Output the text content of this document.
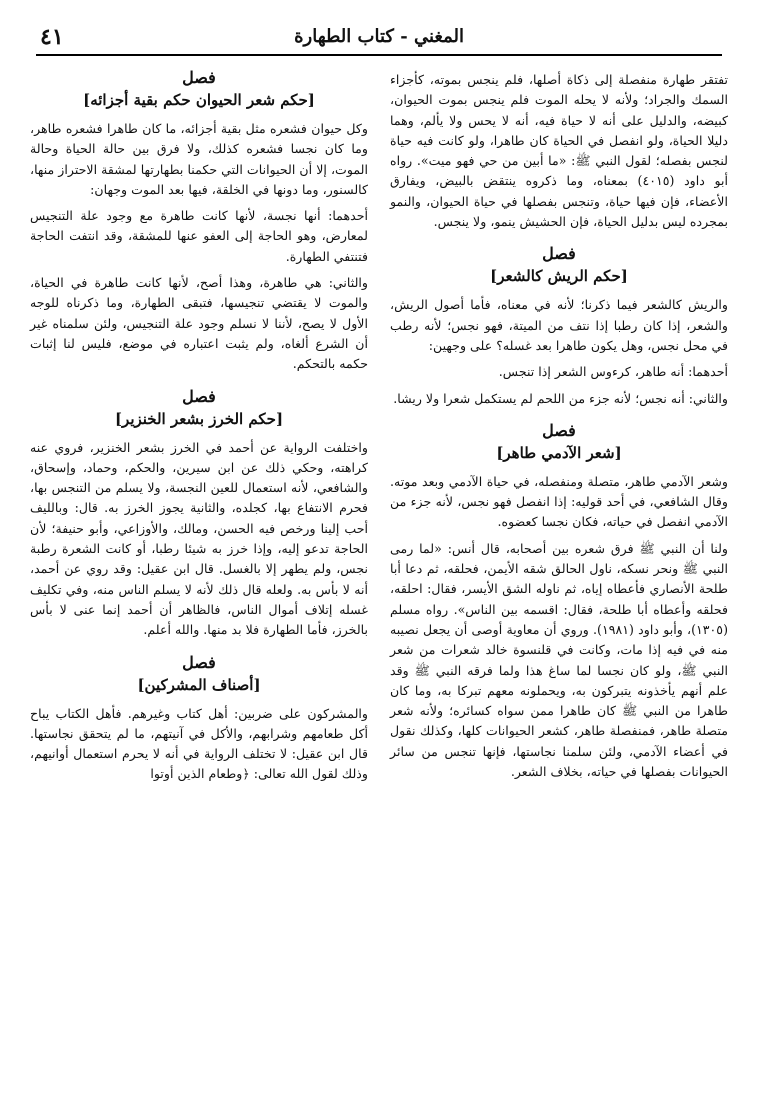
المغني - كتاب الطهارة
٤١

تفتقر طهارة منفصلة إلى ذكاة أصلها، فلم ينجس بموته، كأجزاء السمك والجراد؛ ولأنه لا يحله الموت فلم ينجس بموت الحيوان، كبيضه، والدليل على أنه لا حياة فيه، أنه لا يحس ولا يألم، وهما دليلا الحياة، ولو انفصل في الحياة كان طاهرا، ولو كانت فيه حياة لنجس بفصله؛ لقول النبي ﷺ: «ما أبين من حي فهو ميت». رواه أبو داود (٤٠١٥) بمعناه، وما ذكروه ينتقض بالبيض، ويفارق الأعضاء، فإن فيها حياة، وتنجس بفصلها في حياة الحيوان، والنمو بمجرده ليس بدليل الحياة، فإن الحشيش ينمو، ولا ينجس.

فصل
[حكم الريش كالشعر]

والريش كالشعر فيما ذكرنا؛ لأنه في معناه، فأما أصول الريش، والشعر، إذا كان رطبا إذا نتف من الميتة، فهو نجس؛ لأنه رطب في محل نجس، وهل يكون طاهرا بعد غسله؟ على وجهين:

أحدهما: أنه طاهر، كرءوس الشعر إذا تنجس.

والثاني: أنه نجس؛ لأنه جزء من اللحم لم يستكمل شعرا ولا ريشا.

فصل
[شعر الآدمي طاهر]

وشعر الآدمي طاهر، متصلة ومنفصله، في حياة الآدمي وبعد موته. وقال الشافعي، في أحد قوليه: إذا انفصل فهو نجس، لأنه جزء من الآدمي انفصل في حياته، فكان نجسا كعضوه.

ولنا أن النبي ﷺ فرق شعره بين أصحابه، قال أنس: «لما رمى النبي ﷺ ونحر نسكه، ناول الحالق شقه الأيمن، فحلقه، ثم دعا أبا طلحة الأنصاري فأعطاه إياه، ثم ناوله الشق الأيسر، فقال: احلقه، فحلقه وأعطاه أبا طلحة، فقال: اقسمه بين الناس». رواه مسلم (١٣٠٥)، وأبو داود (١٩٨١). وروي أن معاوية أوصى أن يجعل نصيبه منه في فيه إذا مات، وكانت في قلنسوة خالد شعرات من شعر النبي ﷺ، ولو كان نجسا لما ساغ هذا ولما فرقه النبي ﷺ وقد علم أنهم يأخذونه يتبركون به، ويحملونه معهم تبركا به، وما كان طاهرا من النبي ﷺ كان طاهرا ممن سواه كسائره؛ ولأنه شعر متصلة طاهر، فمنفصلة طاهر، كشعر الحيوانات كلها، وكذلك نقول في أعضاء الآدمي، ولئن سلمنا نجاستها، فإنها تنجس من سائر الحيوانات بفصلها في حياته، بخلاف الشعر.

فصل
[حكم شعر الحيوان حكم بقية أجزائه]

وكل حيوان فشعره مثل بقية أجزائه، ما كان طاهرا فشعره طاهر، وما كان نجسا فشعره كذلك، ولا فرق بين حالة الحياة وحالة الموت، إلا أن الحيوانات التي حكمنا بطهارتها لمشقة الاحتراز منها، كالسنور، وما دونها في الخلقة، فيها بعد الموت وجهان:

أحدهما: أنها نجسة، لأنها كانت طاهرة مع وجود علة التنجيس لمعارض، وهو الحاجة إلى العفو عنها للمشقة، وقد انتفت الحاجة فتنتفي الطهارة.

والثاني: هي طاهرة، وهذا أصح، لأنها كانت طاهرة في الحياة، والموت لا يقتضي تنجيسها، فتبقى الطهارة، وما ذكرناه للوجه الأول لا يصح، لأننا لا نسلم وجود علة التنجيس، ولئن سلمناه غير أن الشرع ألغاه، ولم يثبت اعتباره في موضع، فليس لنا إثبات حكمه بالتحكم.

فصل
[حكم الخرز بشعر الخنزير]

واختلفت الرواية عن أحمد في الخرز بشعر الخنزير، فروي عنه كراهته، وحكي ذلك عن ابن سيرين، والحكم، وحماد، وإسحاق، والشافعي، لأنه استعمال للعين النجسة، ولا يسلم من التنجس بها، فحرم الانتفاع بها، كجلده، والثانية يجوز الخرز به. قال: وبالليف أحب إلينا ورخص فيه الحسن، ومالك، والأوزاعي، وأبو حنيفة؛ لأن الحاجة تدعو إليه، وإذا خرز به شيئا رطبا، أو كانت الشعرة رطبة نجس، ولم يطهر إلا بالغسل. قال ابن عقيل: وقد روي عن أحمد، أنه لا بأس به. ولعله قال ذلك لأنه لا يسلم الناس منه، وفي تكليف غسله إتلاف أموال الناس، فالظاهر أن أحمد إنما عنى لا بأس بالخرز، فأما الطهارة فلا بد منها. والله أعلم.

فصل
[أصناف المشركين]

والمشركون على ضربين: أهل كتاب وغيرهم. فأهل الكتاب يباح أكل طعامهم وشرابهم، والأكل في آنيتهم، ما لم يتحقق نجاستها. قال ابن عقيل: لا تختلف الرواية في أنه لا يحرم استعمال أوانيهم، وذلك لقول الله تعالى: ﴿وطعام الذين أوتوا
